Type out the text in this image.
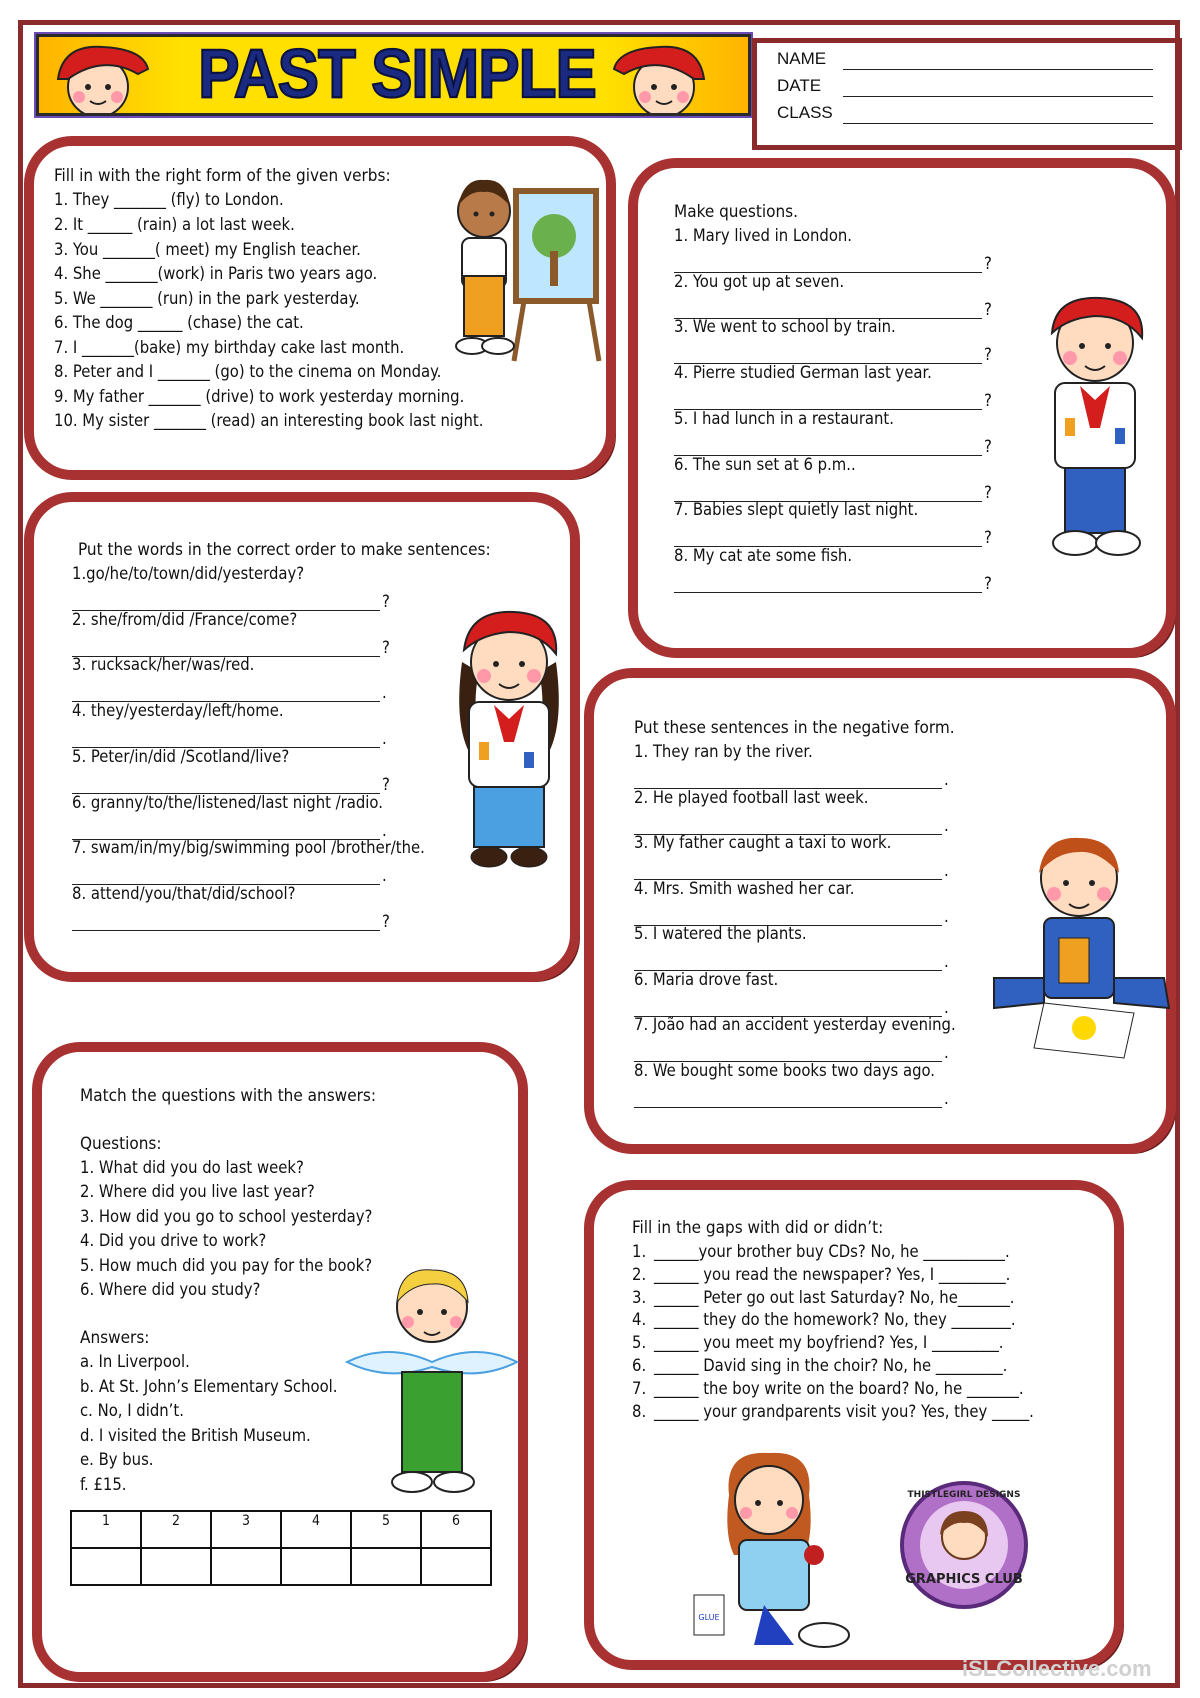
PAST SIMPLE	NAME
DATE
CLASS
Fill in with the right form of the given verbs:
1. They _______ (fly) to London.
2. It ______ (rain) a lot last week.
3. You _______( meet) my English teacher.
4. She _______(work) in Paris two years ago.
5. We _______ (run) in the park yesterday.
6. The dog ______ (chase) the cat.
7. I _______(bake) my birthday cake last month.
8. Peter and I _______ (go) to the cinema on Monday.
9. My father _______ (drive) to work yesterday morning.
10. My sister _______ (read) an interesting book last night.
Make questions.
1. Mary lived in London.
?
2. You got up at seven.
?
3. We went to school by train.
?
4. Pierre studied German last year.
?
5. I had lunch in a restaurant.
?
6. The sun set at 6 p.m..
?
7. Babies slept quietly last night.
?
8. My cat ate some fish.
?
Put the words in the correct order to make sentences:
1.go/he/to/town/did/yesterday?
?
2. she/from/did /France/come?
?
3. rucksack/her/was/red.
.
4. they/yesterday/left/home.
.
5. Peter/in/did /Scotland/live?
?
6. granny/to/the/listened/last night /radio.
.
7. swam/in/my/big/swimming pool /brother/the.
.
8. attend/you/that/did/school?
?
Put these sentences in the negative form.
1. They ran by the river.
.
2. He played football last week.
.
3. My father caught a taxi to work.
.
4. Mrs. Smith washed her car.
.
5. I watered the plants.
.
6. Maria drove fast.
.
7. João had an accident yesterday evening.
.
8. We bought some books two days ago.
.
Match the questions with the answers:
Questions:
1. What did you do last week?
2. Where did you live last year?
3. How did you go to school yesterday?
4. Did you drive to work?
5. How much did you pay for the book?
6. Where did you study?
Answers:
a. In Liverpool.
b. At St. John’s Elementary School.
c. No, I didn’t.
d. I visited the British Museum.
e. By bus.
f. £15.
1	2	3	4	5	6

Fill in the gaps with did or didn’t:
GLUE
GRAPHICS CLUB
THISTLEGIRL DESIGNS
1. ______your brother buy CDs? No, he ___________.
2. ______ you read the newspaper? Yes, I _________.
3. ______ Peter go out last Saturday? No, he_______.
4. ______ they do the homework? No, they ________.
5. ______ you meet my boyfriend? Yes, I _________.
6. ______ David sing in the choir? No, he _________.
7. ______ the boy write on the board? No, he _______.
8. ______ your grandparents visit you? Yes, they _____.
iSLCollective.com
